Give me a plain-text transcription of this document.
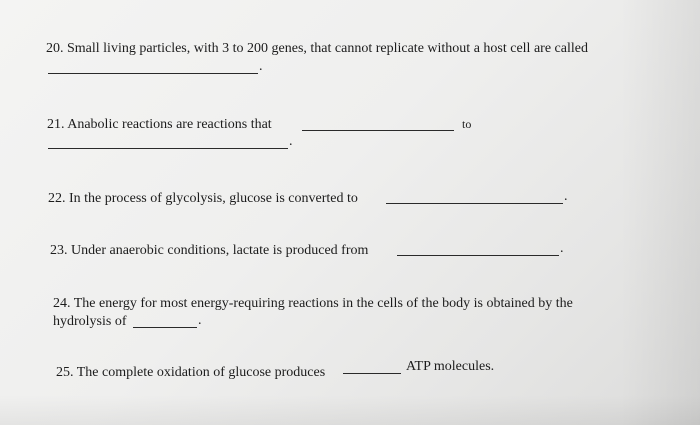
20. Small living particles, with 3 to 200 genes, that cannot replicate without a host cell are called
.
21. Anabolic reactions are reactions that	to
.
22. In the process of glycolysis, glucose is converted to	.
23. Under anaerobic conditions, lactate is produced from	.
24. The energy for most energy-requiring reactions in the cells of the body is obtained by the
hydrolysis of	.
25. The complete oxidation of glucose produces	ATP molecules.
